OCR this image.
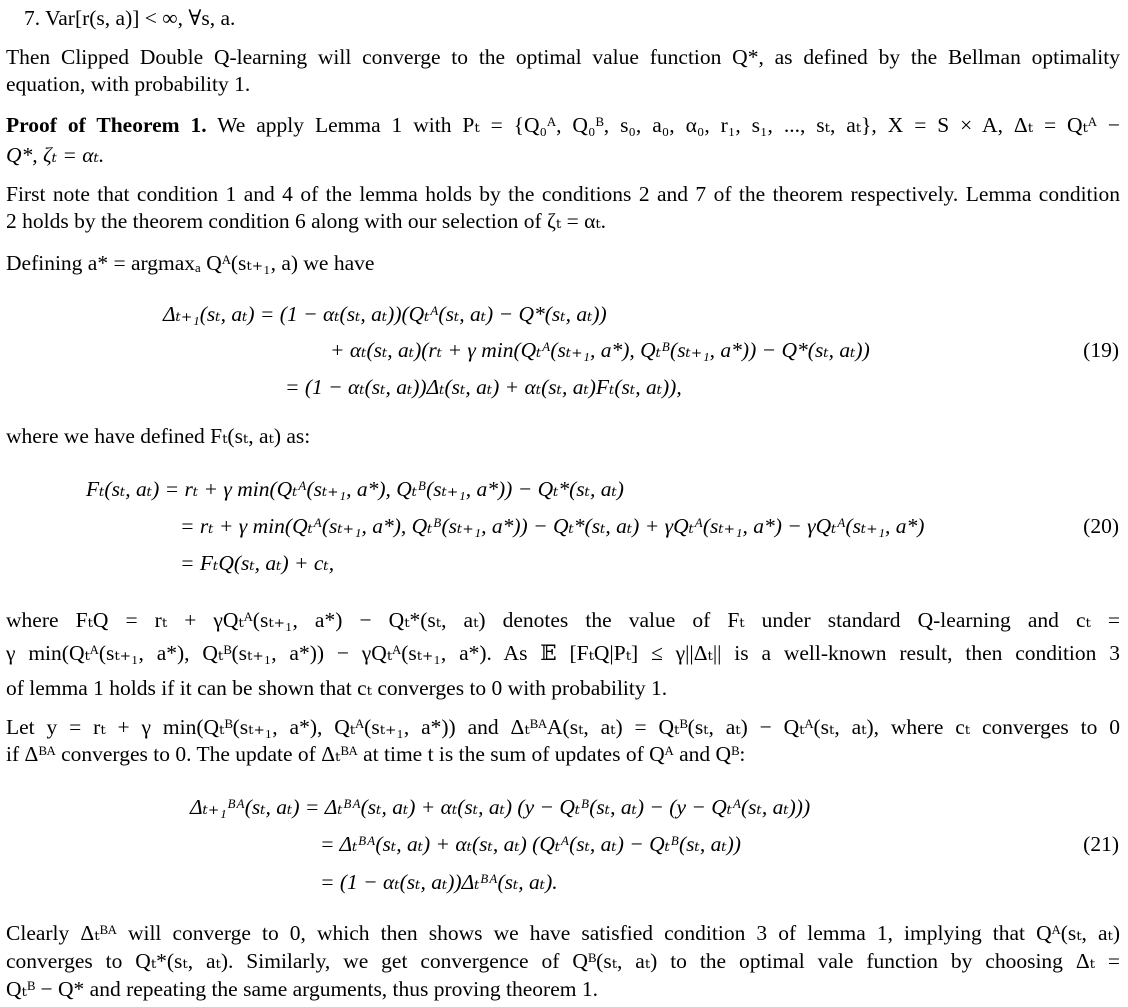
7. Var[r(s, a)] < ∞, ∀s, a.
Then Clipped Double Q-learning will converge to the optimal value function Q*, as defined by the Bellman optimality
equation, with probability 1.
Proof of Theorem 1. We apply Lemma 1 with Pₜ = {Q₀ᴬ, Q₀ᴮ, s₀, a₀, α₀, r₁, s₁, ..., sₜ, aₜ}, X = S × A, Δₜ = Qₜᴬ −
Q*, ζₜ = αₜ.
First note that condition 1 and 4 of the lemma holds by the conditions 2 and 7 of the theorem respectively. Lemma condition
2 holds by the theorem condition 6 along with our selection of ζₜ = αₜ.
Defining a* = argmaxₐ Qᴬ(sₜ₊₁, a) we have
Δₜ₊₁(sₜ, aₜ) = (1 − αₜ(sₜ, aₜ))(Qₜᴬ(sₜ, aₜ) − Q*(sₜ, aₜ))
+ αₜ(sₜ, aₜ)(rₜ + γ min(Qₜᴬ(sₜ₊₁, a*), Qₜᴮ(sₜ₊₁, a*)) − Q*(sₜ, aₜ))
= (1 − αₜ(sₜ, aₜ))Δₜ(sₜ, aₜ) + αₜ(sₜ, aₜ)Fₜ(sₜ, aₜ)),
(19)
where we have defined Fₜ(sₜ, aₜ) as:
Fₜ(sₜ, aₜ) = rₜ + γ min(Qₜᴬ(sₜ₊₁, a*), Qₜᴮ(sₜ₊₁, a*)) − Qₜ*(sₜ, aₜ)
= rₜ + γ min(Qₜᴬ(sₜ₊₁, a*), Qₜᴮ(sₜ₊₁, a*)) − Qₜ*(sₜ, aₜ) + γQₜᴬ(sₜ₊₁, a*) − γQₜᴬ(sₜ₊₁, a*)
= FₜQ(sₜ, aₜ) + cₜ,
(20)
where FₜQ = rₜ + γQₜᴬ(sₜ₊₁, a*) − Qₜ*(sₜ, aₜ) denotes the value of Fₜ under standard Q-learning and cₜ =
γ min(Qₜᴬ(sₜ₊₁, a*), Qₜᴮ(sₜ₊₁, a*)) − γQₜᴬ(sₜ₊₁, a*). As 𝔼 [FₜQ|Pₜ] ≤ γ||Δₜ|| is a well-known result, then condition 3
of lemma 1 holds if it can be shown that cₜ converges to 0 with probability 1.
Let y = rₜ + γ min(Qₜᴮ(sₜ₊₁, a*), Qₜᴬ(sₜ₊₁, a*)) and ΔₜᴮᴬA(sₜ, aₜ) = Qₜᴮ(sₜ, aₜ) − Qₜᴬ(sₜ, aₜ), where cₜ converges to 0
if Δᴮᴬ converges to 0. The update of Δₜᴮᴬ at time t is the sum of updates of Qᴬ and Qᴮ:
Δₜ₊₁ᴮᴬ(sₜ, aₜ) = Δₜᴮᴬ(sₜ, aₜ) + αₜ(sₜ, aₜ) (y − Qₜᴮ(sₜ, aₜ) − (y − Qₜᴬ(sₜ, aₜ)))
= Δₜᴮᴬ(sₜ, aₜ) + αₜ(sₜ, aₜ) (Qₜᴬ(sₜ, aₜ) − Qₜᴮ(sₜ, aₜ))
= (1 − αₜ(sₜ, aₜ))Δₜᴮᴬ(sₜ, aₜ).
(21)
Clearly Δₜᴮᴬ will converge to 0, which then shows we have satisfied condition 3 of lemma 1, implying that Qᴬ(sₜ, aₜ)
converges to Qₜ*(sₜ, aₜ). Similarly, we get convergence of Qᴮ(sₜ, aₜ) to the optimal vale function by choosing Δₜ =
Qₜᴮ − Q* and repeating the same arguments, thus proving theorem 1.
